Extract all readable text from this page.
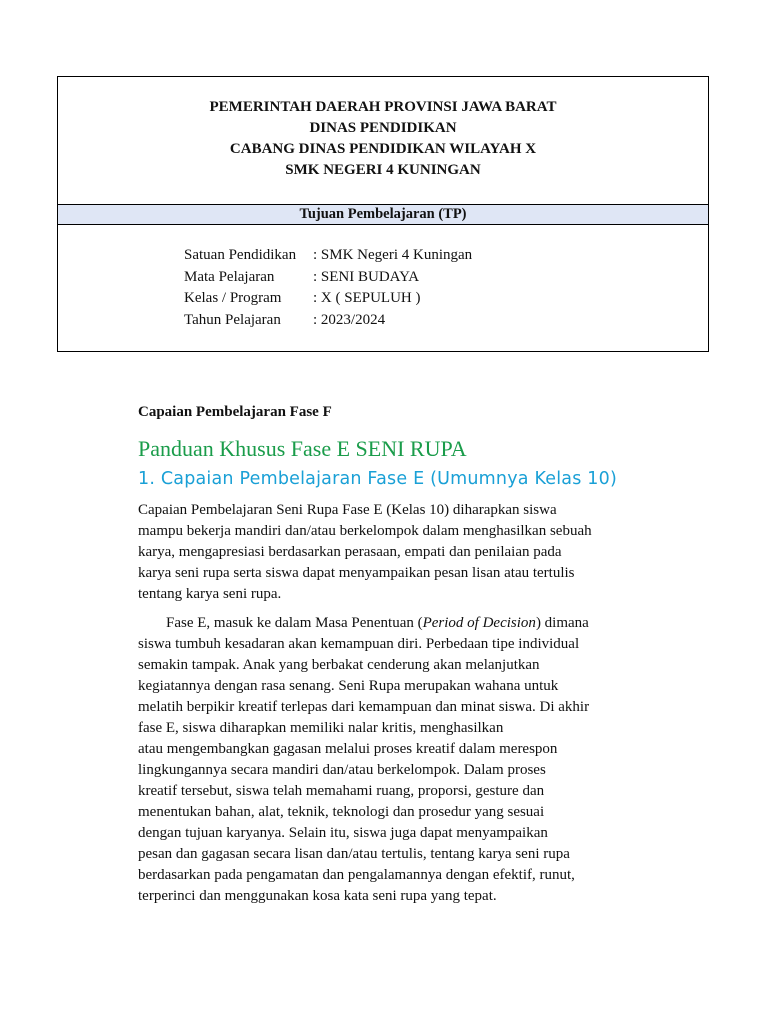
PEMERINTAH DAERAH PROVINSI JAWA BARAT
DINAS PENDIDIKAN
CABANG DINAS PENDIDIKAN WILAYAH X
SMK NEGERI 4 KUNINGAN
Tujuan Pembelajaran (TP)
Satuan Pendidikan	: SMK Negeri 4 Kuningan
Mata Pelajaran	: SENI BUDAYA
Kelas / Program	: X ( SEPULUH )
Tahun Pelajaran	: 2023/2024
Capaian Pembelajaran Fase F
Panduan Khusus Fase E SENI RUPA
1. Capaian Pembelajaran Fase E (Umumnya Kelas 10)
Capaian Pembelajaran Seni Rupa Fase E (Kelas 10) diharapkan siswa
mampu bekerja mandiri dan/atau berkelompok dalam menghasilkan sebuah
karya, mengapresiasi berdasarkan perasaan, empati dan penilaian pada
karya seni rupa serta siswa dapat menyampaikan pesan lisan atau tertulis
tentang karya seni rupa.
Fase E, masuk ke dalam Masa Penentuan (Period of Decision) dimana
siswa tumbuh kesadaran akan kemampuan diri. Perbedaan tipe individual
semakin tampak. Anak yang berbakat cenderung akan melanjutkan
kegiatannya dengan rasa senang. Seni Rupa merupakan wahana untuk
melatih berpikir kreatif terlepas dari kemampuan dan minat siswa. Di akhir
fase E, siswa diharapkan memiliki nalar kritis, menghasilkan
atau mengembangkan gagasan melalui proses kreatif dalam merespon
lingkungannya secara mandiri dan/atau berkelompok. Dalam proses
kreatif tersebut, siswa telah memahami ruang, proporsi, gesture dan
menentukan bahan, alat, teknik, teknologi dan prosedur yang sesuai
dengan tujuan karyanya. Selain itu, siswa juga dapat menyampaikan
pesan dan gagasan secara lisan dan/atau tertulis, tentang karya seni rupa
berdasarkan pada pengamatan dan pengalamannya dengan efektif, runut,
terperinci dan menggunakan kosa kata seni rupa yang tepat.
